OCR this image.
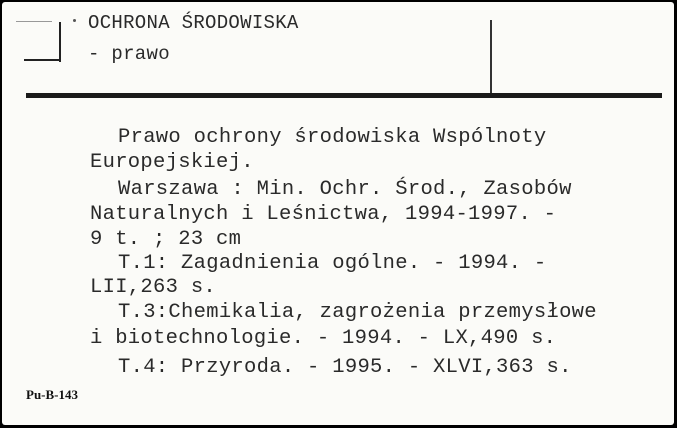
OCHRONA ŚRODOWISKA
- prawo
Prawo ochrony środowiska Wspólnoty
Europejskiej.
Warszawa : Min. Ochr. Środ., Zasobów
Naturalnych i Leśnictwa, 1994-1997. -
9 t. ; 23 cm
T.1: Zagadnienia ogólne. - 1994. -
LII,263 s.
T.3:Chemikalia, zagrożenia przemysłowe
i biotechnologie. - 1994. - LX,490 s.
T.4: Przyroda. - 1995. - XLVI,363 s.
Pu-B-143
